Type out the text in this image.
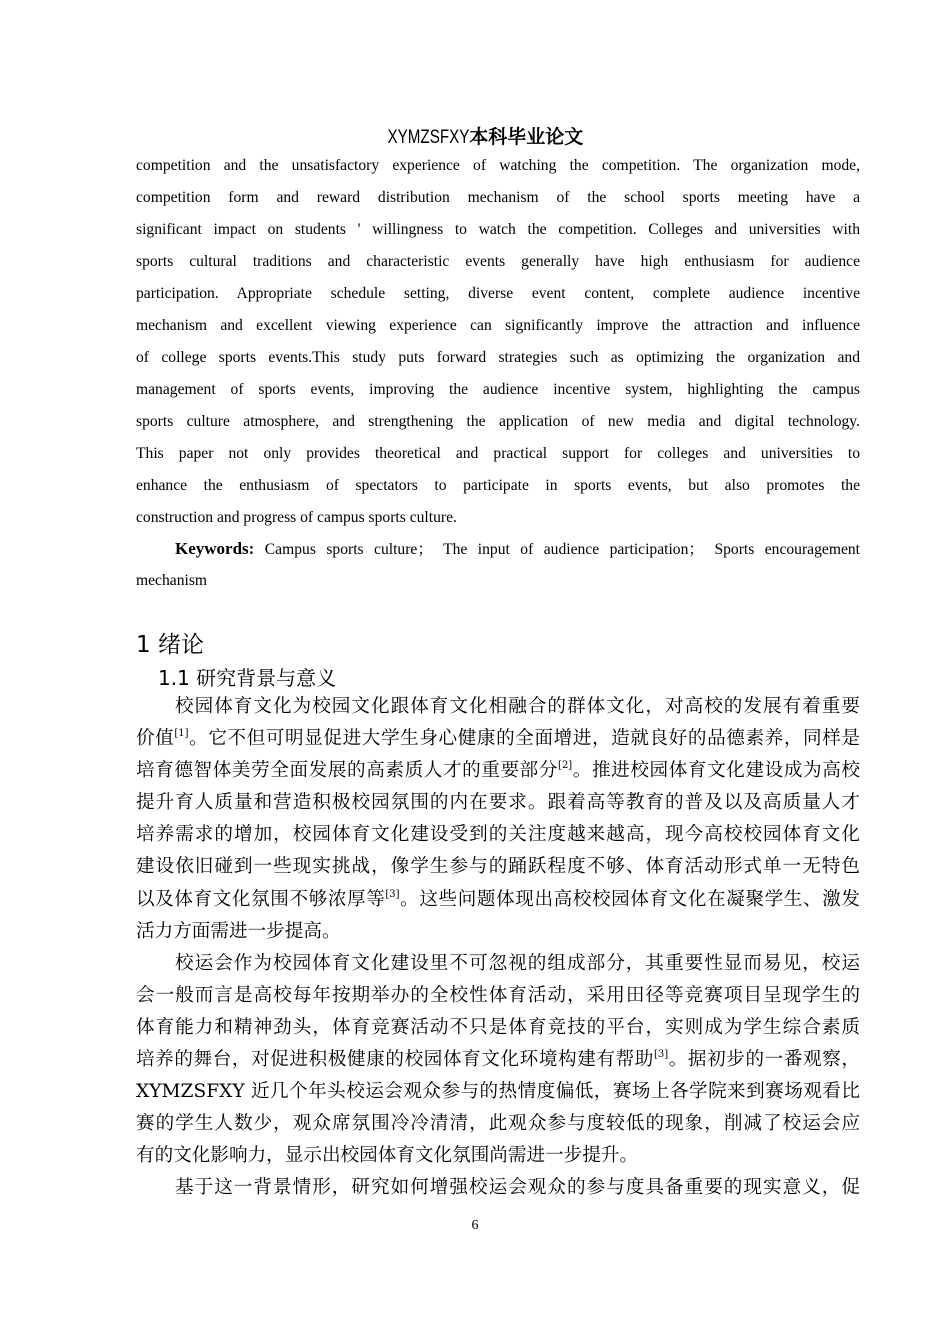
XYMZSFXY本科毕业论文
competition and the unsatisfactory experience of watching the competition. The organization mode,
competition form and reward distribution mechanism of the school sports meeting have a
significant impact on students ' willingness to watch the competition. Colleges and universities with
sports cultural traditions and characteristic events generally have high enthusiasm for audience
participation. Appropriate schedule setting, diverse event content, complete audience incentive
mechanism and excellent viewing experience can significantly improve the attraction and influence
of college sports events.This study puts forward strategies such as optimizing the organization and
management of sports events, improving the audience incentive system, highlighting the campus
sports culture atmosphere, and strengthening the application of new media and digital technology.
This paper not only provides theoretical and practical support for colleges and universities to
enhance the enthusiasm of spectators to participate in sports events, but also promotes the
construction and progress of campus sports culture.
Keywords: Campus sports culture； The input of audience participation； Sports encouragement
mechanism
1 绪论
1.1 研究背景与意义
校园体育文化为校园文化跟体育文化相融合的群体文化，对高校的发展有着重要
价值[1]。它不但可明显促进大学生身心健康的全面增进，造就良好的品德素养，同样是
培育德智体美劳全面发展的高素质人才的重要部分[2]。推进校园体育文化建设成为高校
提升育人质量和营造积极校园氛围的内在要求。跟着高等教育的普及以及高质量人才
培养需求的增加，校园体育文化建设受到的关注度越来越高，现今高校校园体育文化
建设依旧碰到一些现实挑战，像学生参与的踊跃程度不够、体育活动形式单一无特色
以及体育文化氛围不够浓厚等[3]。这些问题体现出高校校园体育文化在凝聚学生、激发
活力方面需进一步提高。
校运会作为校园体育文化建设里不可忽视的组成部分，其重要性显而易见，校运
会一般而言是高校每年按期举办的全校性体育活动，采用田径等竞赛项目呈现学生的
体育能力和精神劲头，体育竞赛活动不只是体育竞技的平台，实则成为学生综合素质
培养的舞台，对促进积极健康的校园体育文化环境构建有帮助[3]。据初步的一番观察，
XYMZSFXY 近几个年头校运会观众参与的热情度偏低，赛场上各学院来到赛场观看比
赛的学生人数少，观众席氛围冷冷清清，此观众参与度较低的现象，削减了校运会应
有的文化影响力，显示出校园体育文化氛围尚需进一步提升。
基于这一背景情形，研究如何增强校运会观众的参与度具备重要的现实意义，促
6
